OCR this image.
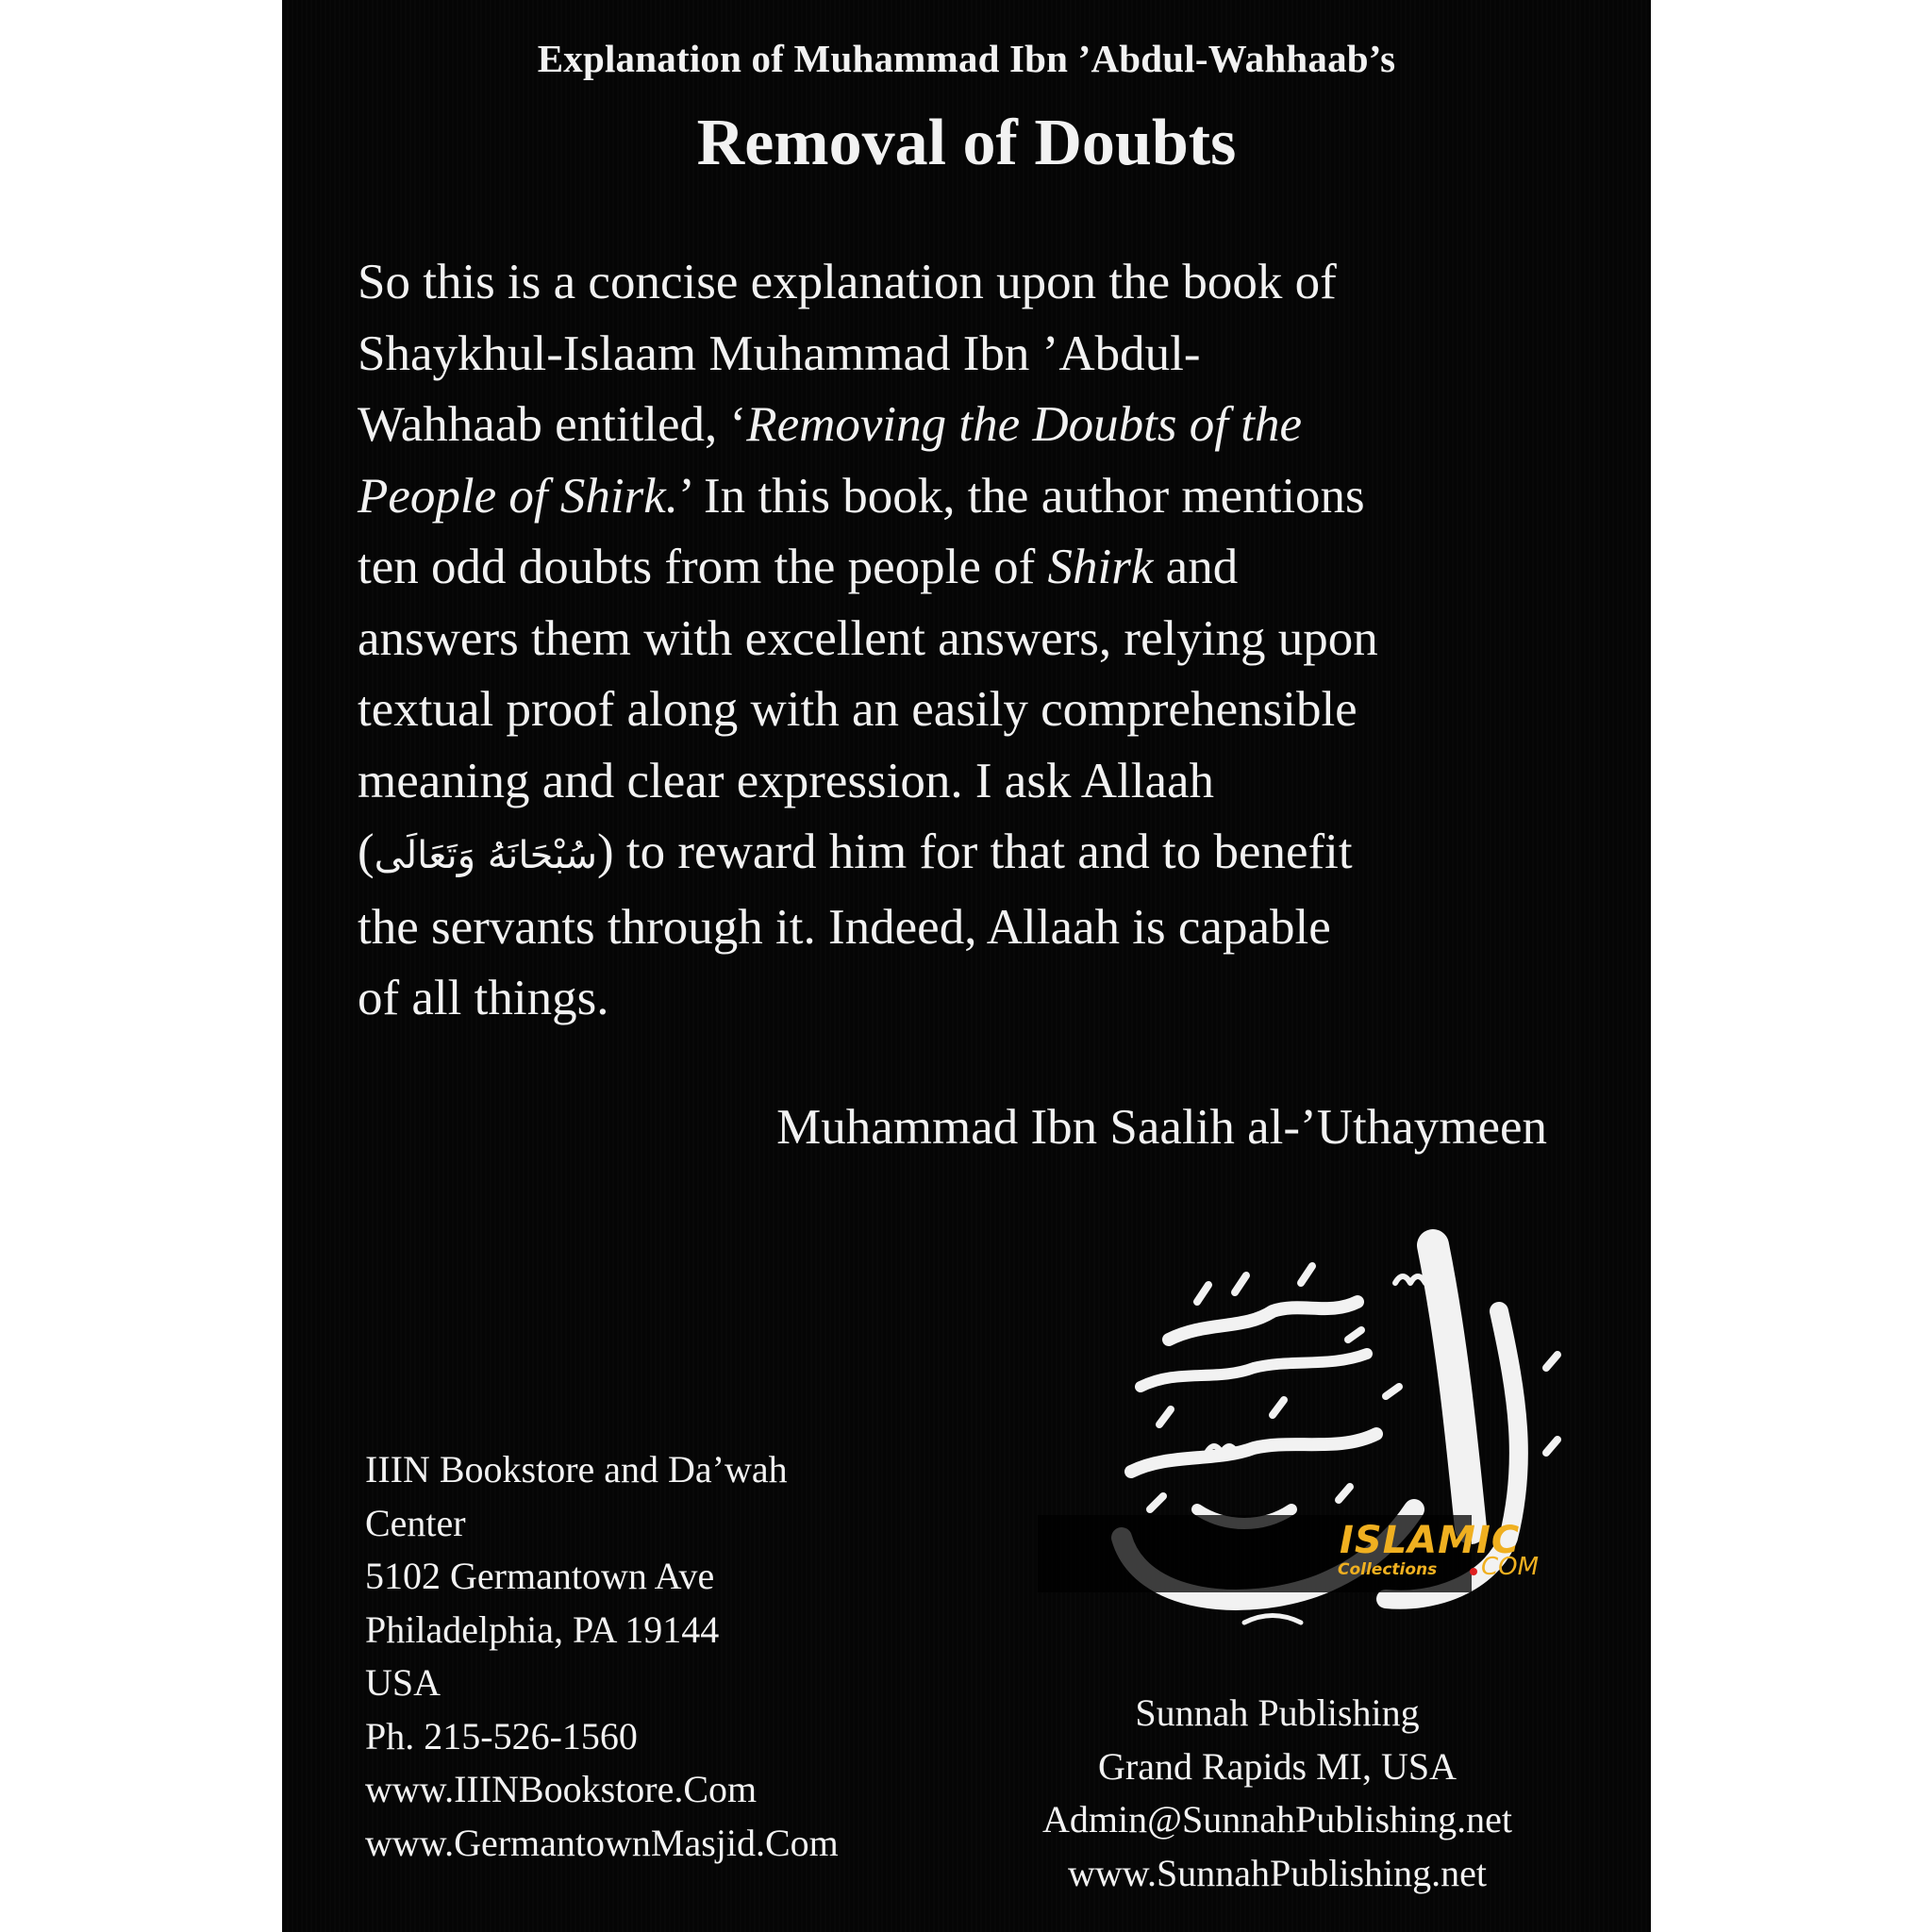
Explanation of Muhammad Ibn ’Abdul-Wahhaab’s
Removal of Doubts
So this is a concise explanation upon the book of
Shaykhul-Islaam Muhammad Ibn ’Abdul-
Wahhaab entitled, ‘Removing the Doubts of the
People of Shirk.’ In this book, the author mentions
ten odd doubts from the people of Shirk and
answers them with excellent answers, relying upon
textual proof along with an easily comprehensible
meaning and clear expression. I ask Allaah
(سُبْحَانَهُ وَتَعَالَى) to reward him for that and to benefit
the servants through it. Indeed, Allaah is capable
of all things.
Muhammad Ibn Saalih al-’Uthaymeen
IIIN Bookstore and Da’wah
Center
5102 Germantown Ave
Philadelphia, PA 19144
USA
Ph. 215-526-1560
www.IIINBookstore.Com
www.GermantownMasjid.Com
Sunnah Publishing
Grand Rapids MI, USA
Admin@SunnahPublishing.net
www.SunnahPublishing.net
ISLAMIC
Collections COM
